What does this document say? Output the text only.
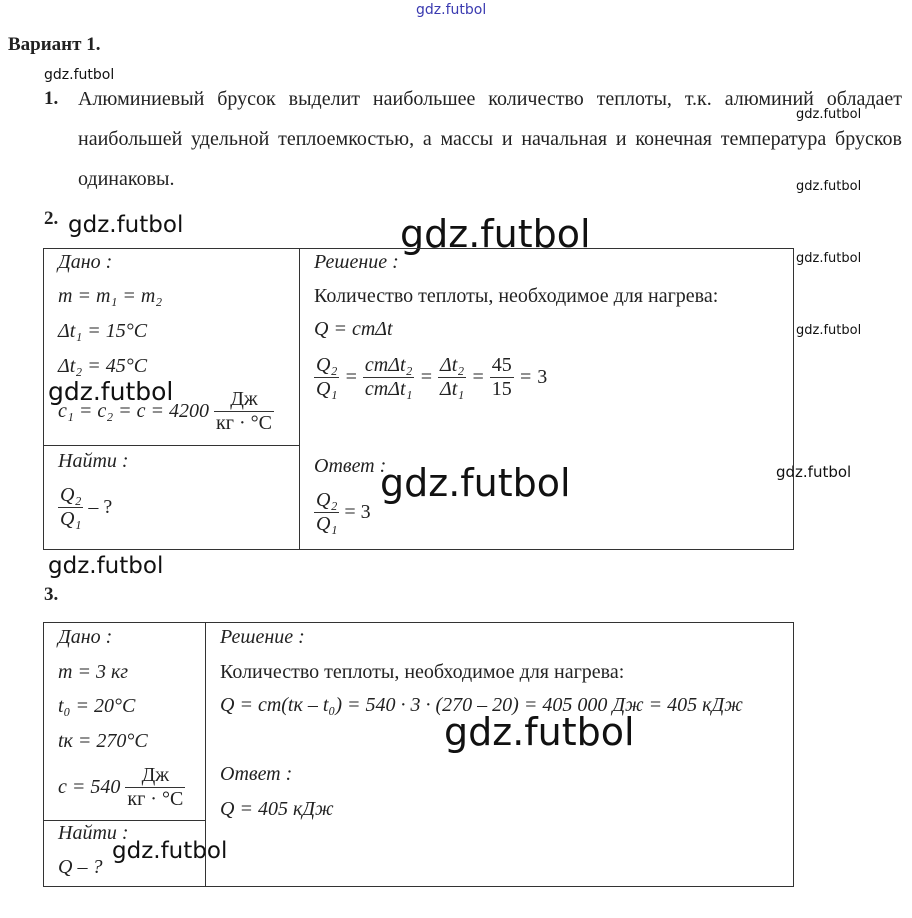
gdz.futbol
gdz.futbol
gdz.futbol
gdz.futbol
gdz.futbol	gdz.futbol
gdz.futbol
gdz.futbol
gdz.futbol
gdz.futbol
gdz.futbol
gdz.futbol
gdz.futbol
gdz.futbol
Вариант 1.
1. Алюминиевый брусок выделит наибольшее количество теплоты, т.к. алюминий обладает наибольшей удельной теплоемкостью, а массы и начальная и конечная температура брусков одинаковы.
2.
Дано :
m = m₁ = m₂
Δt₁ = 15°C
Δt₂ = 45°C
$c_1 = c_2 = c = 4200 \frac{Дж}{кг \cdot ^\circ C}$
Найти :
$\frac{\text{Q₂}}{\text{Q₁}}$ – ?
Решение :
Количество теплоты, необходимое для нагрева:
Q = cmΔt
$\frac{\text{Q₂}}{\text{Q₁}} = \frac{\text{cmΔt₂}}{\text{cmΔt₁}} = \frac{\text{Δt₂}}{\text{Δt₁}} = \frac{45}{15} = 3$
Ответ :
$\frac{\text{Q₂}}{\text{Q₁}} = 3$
3.
Дано :
m = 3 кг
t₀ = 20°C
tк = 270°C
$c = 540 \frac{Дж}{кг \cdot ^\circ C}$
Найти :
Q – ?
Решение :
Количество теплоты, необходимое для нагрева:
Q = cm(tк – t₀) = 540 · 3 · (270 – 20) = 405 000 Дж = 405 кДж
Ответ :
Q = 405 кДж
